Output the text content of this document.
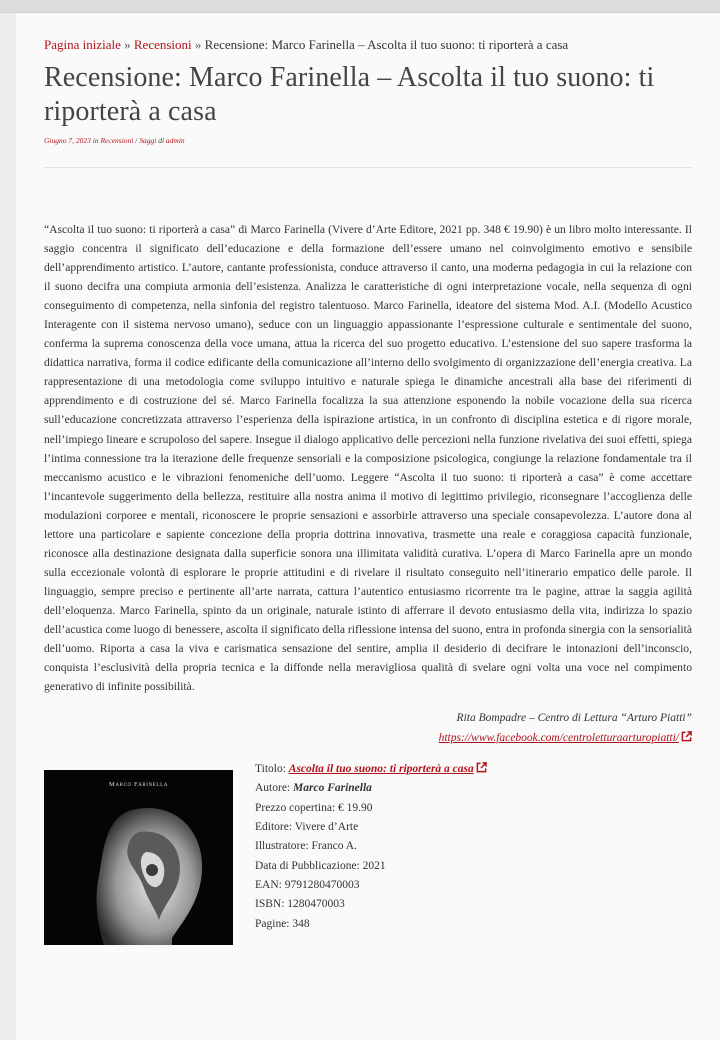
Pagina iniziale » Recensioni » Recensione: Marco Farinella – Ascolta il tuo suono: ti riporterà a casa
Recensione: Marco Farinella – Ascolta il tuo suono: ti riporterà a casa
Giugno 7, 2023 in Recensioni / Saggi di admin
“Ascolta il tuo suono: ti riporterà a casa” di Marco Farinella (Vivere d’Arte Editore, 2021 pp. 348 € 19.90) è un libro molto interessante. Il saggio concentra il significato dell’educazione e della formazione dell’essere umano nel coinvolgimento emotivo e sensibile dell’apprendimento artistico. L’autore, cantante professionista, conduce attraverso il canto, una moderna pedagogia in cui la relazione con il suono decifra una compiuta armonia dell’esistenza. Analizza le caratteristiche di ogni interpretazione vocale, nella sequenza di ogni conseguimento di competenza, nella sinfonia del registro talentuoso. Marco Farinella, ideatore del sistema Mod. A.I. (Modello Acustico Interagente con il sistema nervoso umano), seduce con un linguaggio appassionante l’espressione culturale e sentimentale del suono, conferma la suprema conoscenza della voce umana, attua la ricerca del suo progetto educativo. L’estensione del suo sapere trasforma la didattica narrativa, forma il codice edificante della comunicazione all’interno dello svolgimento di organizzazione dell’energia creativa. La rappresentazione di una metodologia come sviluppo intuitivo e naturale spiega le dinamiche ancestrali alla base dei riferimenti di apprendimento e di costruzione del sé. Marco Farinella focalizza la sua attenzione esponendo la nobile vocazione della sua ricerca sull’educazione concretizzata attraverso l’esperienza della ispirazione artistica, in un confronto di disciplina estetica e di rigore morale, nell’impiego lineare e scrupoloso del sapere. Insegue il dialogo applicativo delle percezioni nella funzione rivelativa dei suoi effetti, spiega l’intima connessione tra la iterazione delle frequenze sensoriali e la composizione psicologica, congiunge la relazione fondamentale tra il meccanismo acustico e le vibrazioni fenomeniche dell’uomo. Leggere “Ascolta il tuo suono: ti riporterà a casa” è come accettare l’incantevole suggerimento della bellezza, restituire alla nostra anima il motivo di legittimo privilegio, riconsegnare l’accoglienza delle modulazioni corporee e mentali, riconoscere le proprie sensazioni e assorbirle attraverso una speciale consapevolezza. L’autore dona al lettore una particolare e sapiente concezione della propria dottrina innovativa, trasmette una reale e coraggiosa capacità funzionale, riconosce alla destinazione designata dalla superficie sonora una illimitata validità curativa. L’opera di Marco Farinella apre un mondo sulla eccezionale volontà di esplorare le proprie attitudini e di rivelare il risultato conseguito nell’itinerario empatico delle parole. Il linguaggio, sempre preciso e pertinente all’arte narrata, cattura l’autentico entusiasmo ricorrente tra le pagine, attrae la saggia agilità dell’eloquenza. Marco Farinella, spinto da un originale, naturale istinto di afferrare il devoto entusiasmo della vita, indirizza lo spazio dell’acustica come luogo di benessere, ascolta il significato della riflessione intensa del suono, entra in profonda sinergia con la sensorialità dell’uomo. Riporta a casa la viva e carismatica sensazione del sentire, amplia il desiderio di decifrare le intonazioni dell’inconscio, conquista l’esclusività della propria tecnica e la diffonde nella meravigliosa qualità di svelare ogni volta una voce nel compimento generativo di infinite possibilità.
Rita Bompadre – Centro di Lettura “Arturo Piatti”
https://www.facebook.com/centroletturaarturopiatti/
Marco Farinella
Titolo: Ascolta il tuo suono: ti riporterà a casa
Autore: Marco Farinella
Prezzo copertina: € 19.90
Editore: Vivere d’Arte
Illustratore: Franco A.
Data di Pubblicazione: 2021
EAN: 9791280470003
ISBN: 1280470003
Pagine: 348
